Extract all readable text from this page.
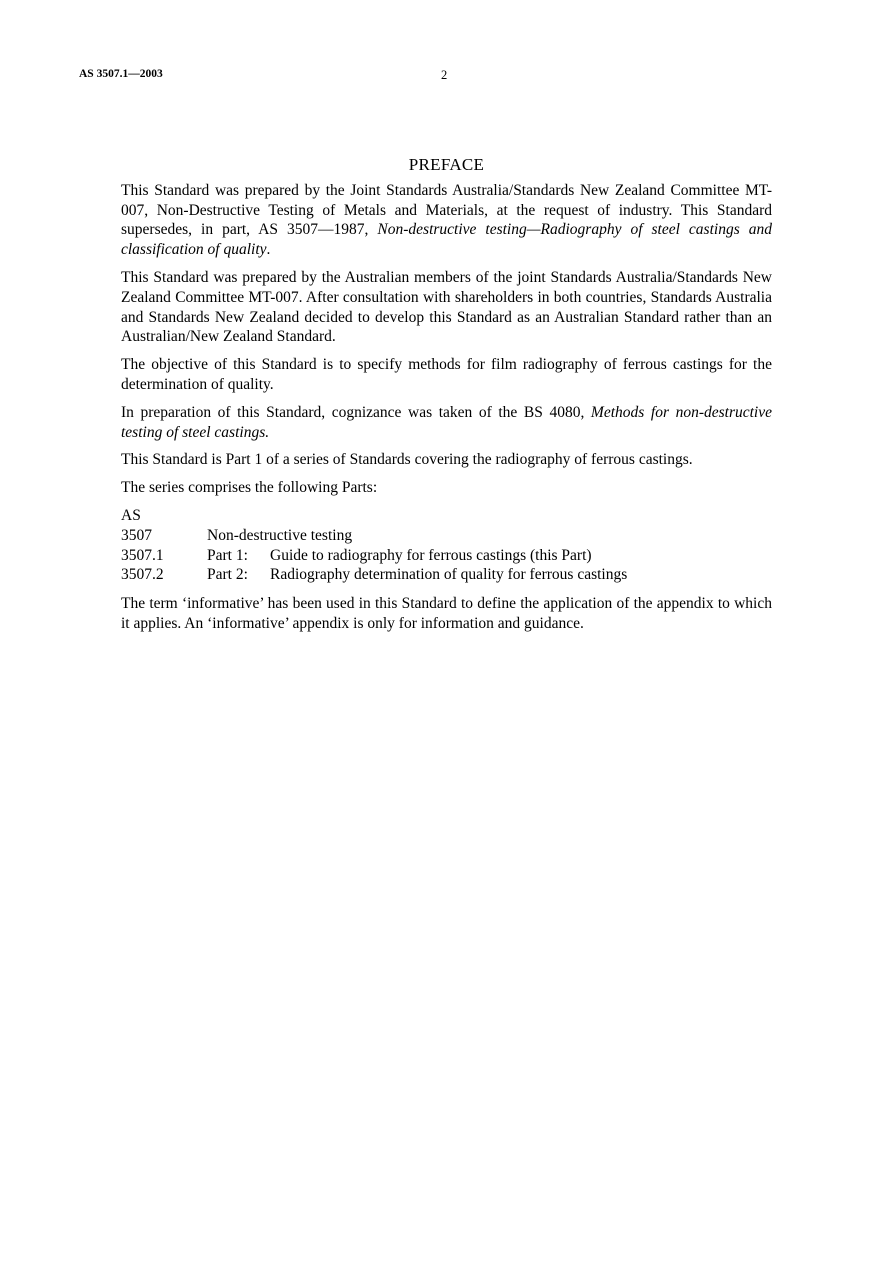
AS 3507.1—2003	2
PREFACE

This Standard was prepared by the Joint Standards Australia/Standards New Zealand Committee MT-007, Non-Destructive Testing of Metals and Materials, at the request of industry. This Standard supersedes, in part, AS 3507—1987, Non-destructive testing—Radiography of steel castings and classification of quality.

This Standard was prepared by the Australian members of the joint Standards Australia/Standards New Zealand Committee MT-007. After consultation with shareholders in both countries, Standards Australia and Standards New Zealand decided to develop this Standard as an Australian Standard rather than an Australian/New Zealand Standard.

The objective of this Standard is to specify methods for film radiography of ferrous castings for the determination of quality.

In preparation of this Standard, cognizance was taken of the BS 4080, Methods for non-destructive testing of steel castings.

This Standard is Part 1 of a series of Standards covering the radiography of ferrous castings.

The series comprises the following Parts:

AS		
3507	Non-destructive testing	
3507.1	Part 1:	Guide to radiography for ferrous castings (this Part)
3507.2	Part 2:	Radiography determination of quality for ferrous castings

The term ‘informative’ has been used in this Standard to define the application of the appendix to which it applies. An ‘informative’ appendix is only for information and guidance.
